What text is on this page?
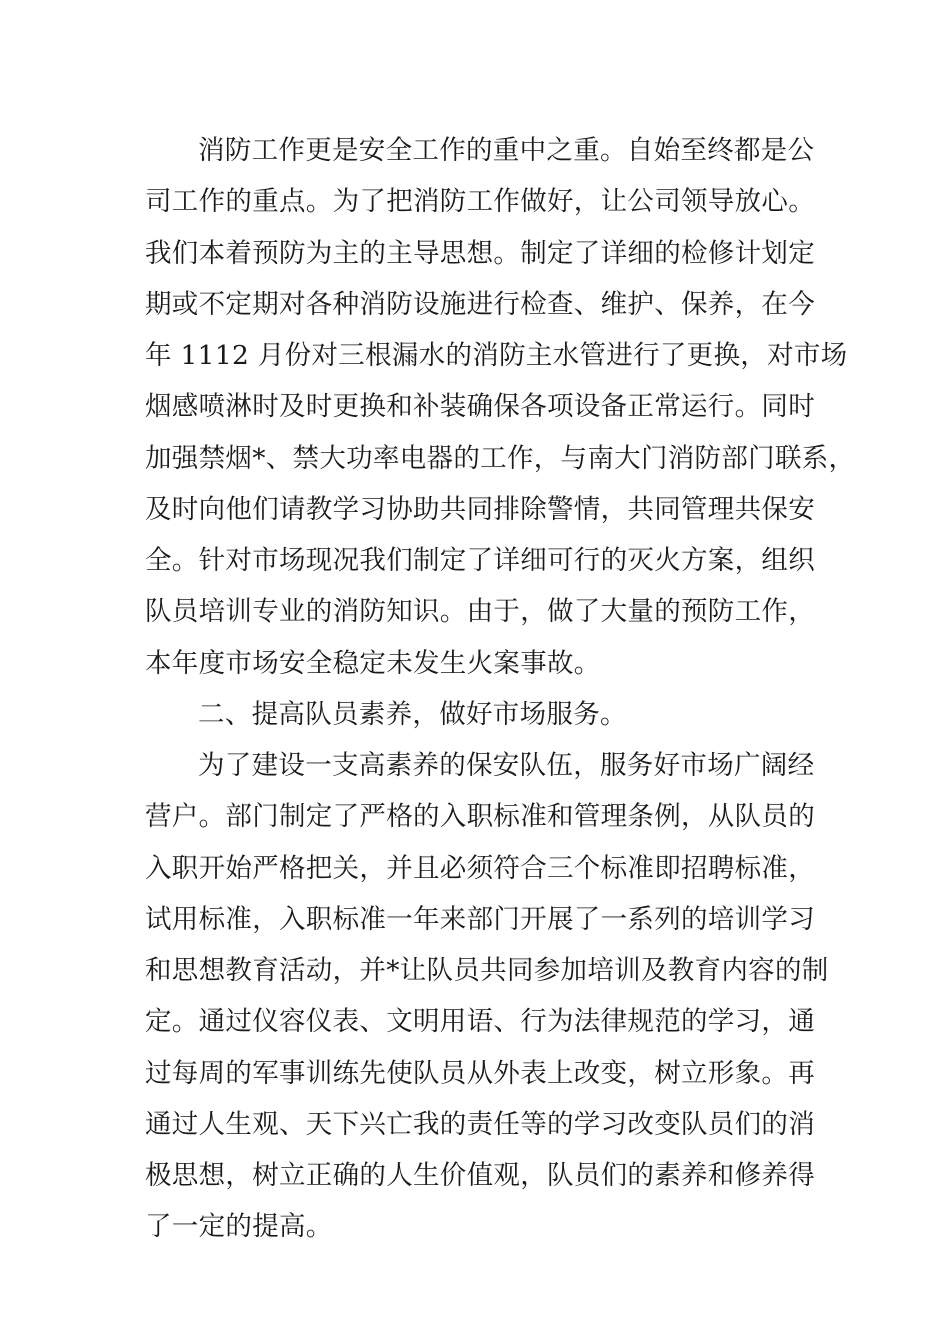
消防工作更是安全工作的重中之重。自始至终都是公
司工作的重点。为了把消防工作做好，让公司领导放心。
我们本着预防为主的主导思想。制定了详细的检修计划定
期或不定期对各种消防设施进行检查、维护、保养，在今
年 1112 月份对三根漏水的消防主水管进行了更换，对市场
烟感喷淋时及时更换和补装确保各项设备正常运行。同时
加强禁烟*、禁大功率电器的工作，与南大门消防部门联系，
及时向他们请教学习协助共同排除警情，共同管理共保安
全。针对市场现况我们制定了详细可行的灭火方案，组织
队员培训专业的消防知识。由于，做了大量的预防工作，
本年度市场安全稳定未发生火案事故。
二、提高队员素养，做好市场服务。
为了建设一支高素养的保安队伍，服务好市场广阔经
营户。部门制定了严格的入职标准和管理条例，从队员的
入职开始严格把关，并且必须符合三个标准即招聘标准，
试用标准，入职标准一年来部门开展了一系列的培训学习
和思想教育活动，并*让队员共同参加培训及教育内容的制
定。通过仪容仪表、文明用语、行为法律规范的学习，通
过每周的军事训练先使队员从外表上改变，树立形象。再
通过人生观、天下兴亡我的责任等的学习改变队员们的消
极思想，树立正确的人生价值观，队员们的素养和修养得
了一定的提高。
